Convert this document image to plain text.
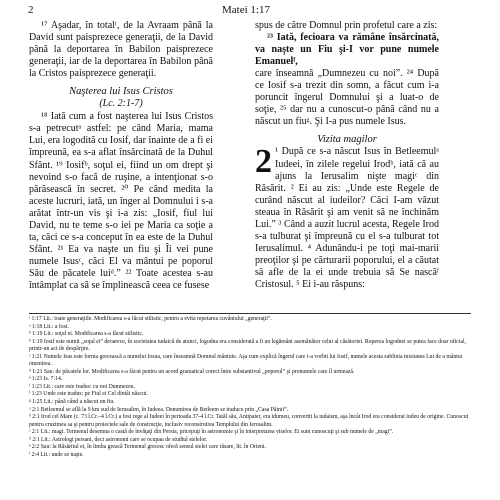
2	Matei 1:17

¹⁷ Aşadar, în totalᵗ, de la Avraam până la David sunt paisprezece generaţii, de la David până la deportarea în Babilon paisprezece generaţii, iar de la deportarea în Babilon până la Cristos paisprezece generaţii.

Naşterea lui Isus Cristos

(Lc. 2:1-7)

¹⁸ Iată cum a fost naşterea lui Isus Cristos s-a petrecutᵃ astfel: pe când Maria, mama Lui, era logodită cu Iosif, dar înainte de a fi ei împreună, ea s-a aflat însărcinată de la Duhul Sfânt. ¹⁹ Iosifᵇ, soţul ei, fiind un om drept şi nevoind s-o facă de ruşine, a intenţionat s-o părăsească în secret. ²⁰ Pe când medita la aceste lucruri, iată, un înger al Domnului i s-a arătat într-un vis şi i-a zis: „Iosif, fiul lui David, nu te teme s-o iei pe Maria ca soţie a ta, căci ce s-a conceput în ea este de la Duhul Sfânt. ²¹ Ea va naşte un fiu şi Îi vei pune numele Isusᶜ, căci El va mântui pe poporul Său de păcatele luiᵈ.” ²² Toate acestea s-au întâmplat ca să se împlinească ceea ce fusese

spus de către Domnul prin profetul care a zis:

²³ Iată, fecioara va rămâne însărcinată, va naşte un Fiu şi-I vor pune numele Emanuelᶠ,

care înseamnă „Dumnezeu cu noi”. ²⁴ După ce Iosif s-a trezit din somn, a făcut cum i-a poruncit îngerul Domnului şi a luat-o de soţie, ²⁵ dar nu a cunoscut-o până când nu a născut un fiuᵍ. Şi I-a pus numele Isus.

Vizita magilor

2 ¹ După ce s-a născut Isus în Betleemulᵃ Iudeei, în zilele regelui Irodᵇ, iată că au ajuns la Ierusalim nişte magiᶜ din Răsărit. ² Ei au zis: „Unde este Regele de curând născut al iudeilor? Căci I-am văzut steaua în Răsărit şi am venit să ne închinăm Lui.” ³ Când a auzit lucrul acesta, Regele Irod s-a tulburat şi împreună cu el s-a tulburat tot Ierusalimul. ⁴ Adunându-i pe toţi mai-marii preoţilor şi pe cărturarii poporului, el a căutat să afle de la ei unde trebuia să Se nascăᶠ Cristosul. ⁵ Ei i-au răspuns:

ᵗ 1:17 Lit.: toate generaţiile. Modificarea s-a făcut stilistic, pentru a evita repetarea cuvântului „generaţii”.

ᵃ 1:18 Lit.: a fost.

ᵇ 1:19 Lit.: soţul ei. Modificarea s-a făcut stilistic.

ᵇ 1:19 Iosif este numit „soţul ei” deoarece, în societatea iudaică de atunci, logodna era considerată a fi un legământ asemănător celui al căsătoriei. Ruperea logodnei se putea face doar oficial, printr-un act de despărţire.

ᶜ 1:21 Numele Isus este forma grecească a numelui Iosua, care înseamnă Domnul mântuie. Aşa cum explică îngerul care i-a vorbit lui Iosif, numele acesta sublinia misiunea Lui de a mântui omenirea.

ᵈ 1:21 Sau: de păcatele lor. Modificarea s-a făcut pentru un acord gramatical corect între substantivul „poporul” şi pronumele care îl urmează.

ᵉ 1:23 Is. 7:14.

ᶠ 1:23 Lit.: care este tradus: cu noi Dumnezeu.

ᶠ 1:23 Unde este tradus: pe Fiul ei Cel dintâi născut.

ᵍ 1:25 Lit.: până când a născut un fiu.

ᵃ 2:1 Betleemul se află la 9 km sud de Ierusalim, în Iudeea. Denumirea de Betleem se traduce prin „Casa Pâinii”.

ᵇ 2:1 Irod cel Mare (c. 73 î.Cr.–4 î.Cr.) a fost rege al Iudeei în perioada 37-4 î.Cr. Tatăl său, Antipater, era idumeu, convertit la iudaism, aşa încât Irod era considerat iudeu de origine. Cunoscut pentru cruzimea sa şi pentru proiectele sale de construcţie, inclusiv reconstruirea Templului din Ierusalim.

ᶜ 2:1 Lit.: magi. Termenul desemna o castă de învăţaţi din Persia, pricepuţi în astronomie şi în interpretarea viselor. Ei sunt cunoscuţi şi sub numele de „magi”.

ᵈ 2:1 Lit.: Astrologi persani, deci astronomi care se ocupau de studiul stelelor.

ᵉ 2:2 Sau: la Răsăritul ei, în limba greacă Termenul grecesc oferă sensul stelei care răsare, lit. în Orient.

ᶠ 2:4 Lit.: unde se naşte.
